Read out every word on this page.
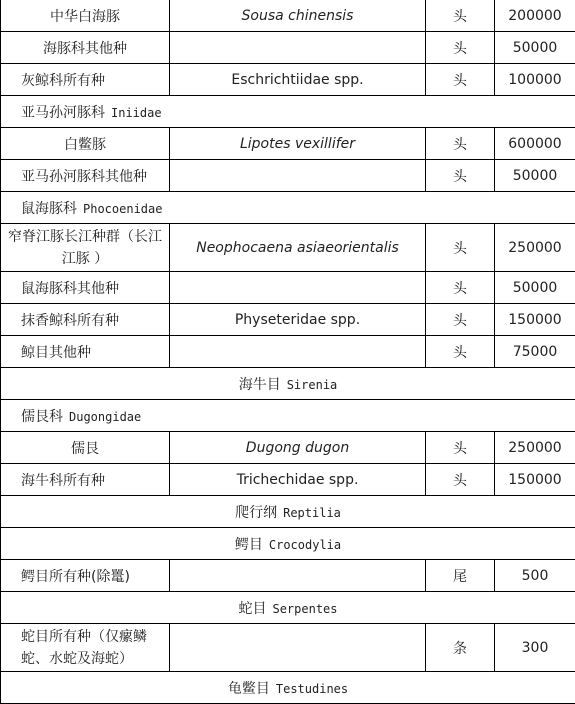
中华白海豚	Sousa chinensis	头	200000
海豚科其他种		头	50000
灰鲸科所有种	Eschrichtiidae spp.	头	100000
亚马孙河豚科 Iniidae			
白鳖豚	Lipotes vexillifer	头	600000
亚马孙河豚科其他种		头	50000
鼠海豚科 Phocoenidae			
窄脊江豚长江种群（长江江豚 ）	Neophocaena asiaeorientalis	头	250000
鼠海豚科其他种		头	50000
抹香鲸科所有种	Physeteridae spp.	头	150000
鲸目其他种		头	75000
海牛目 Sirenia			
儒艮科 Dugongidae			
儒艮	Dugong dugon	头	250000
海牛科所有种	Trichechidae spp.	头	150000
爬行纲 Reptilia			
鳄目 Crocodylia			
鳄目所有种(除鼍)		尾	500
蛇目 Serpentes			
蛇目所有种（仅瘰鳞蛇、水蛇及海蛇）		条	300
龟鳖目 Testudines			
